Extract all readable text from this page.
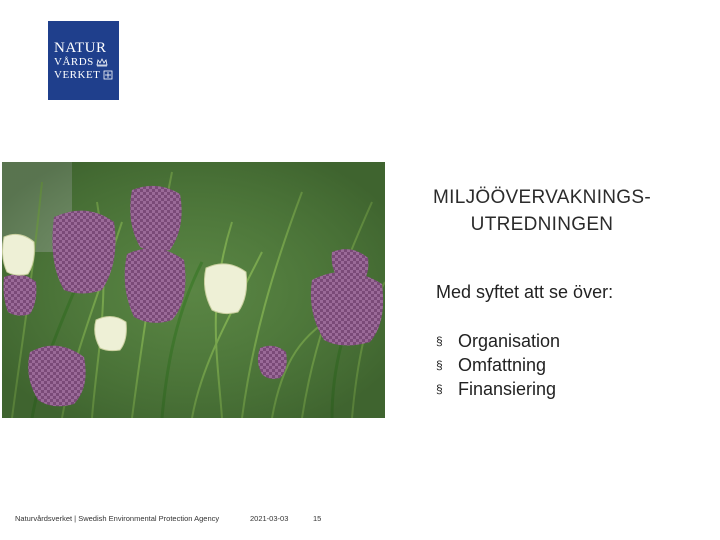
NATUR
VÅRDS
VERKET
MILJÖÖVERVAKNINGS-
UTREDNINGEN
Med syftet att se över:
§ Organisation
§ Omfattning
§ Finansiering
Naturvårdsverket | Swedish Environmental Protection Agency	2021-03-03	15
